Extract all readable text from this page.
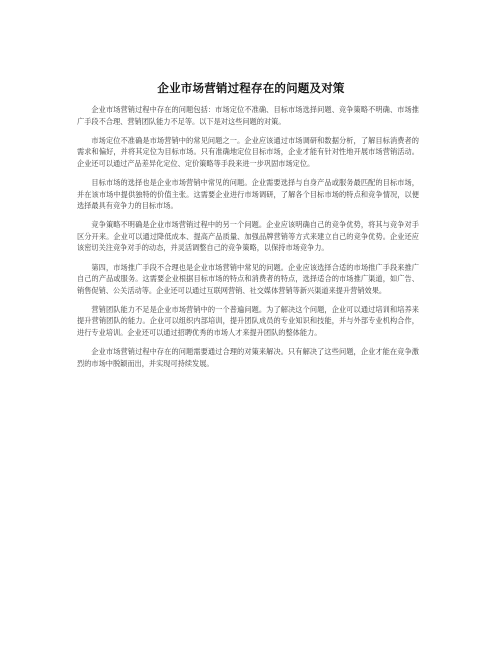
企业市场营销过程存在的问题及对策

企业市场营销过程中存在的问题包括：市场定位不准确、目标市场选择问题、竞争策略不明确、市场推广手段不合理、营销团队能力不足等。以下是对这些问题的对策。

市场定位不准确是市场营销中的常见问题之一。企业应该通过市场调研和数据分析，了解目标消费者的需求和偏好，并将其定位为目标市场。只有准确地定位目标市场，企业才能有针对性地开展市场营销活动。企业还可以通过产品差异化定位、定价策略等手段来进一步巩固市场定位。

目标市场的选择也是企业市场营销中常见的问题。企业需要选择与自身产品或服务最匹配的目标市场，并在该市场中提供独特的价值主张。这需要企业进行市场调研，了解各个目标市场的特点和竞争情况，以便选择最具有竞争力的目标市场。

竞争策略不明确是企业市场营销过程中的另一个问题。企业应该明确自己的竞争优势，将其与竞争对手区分开来。企业可以通过降低成本、提高产品质量、加强品牌营销等方式来建立自己的竞争优势。企业还应该密切关注竞争对手的动态，并灵活调整自己的竞争策略，以保持市场竞争力。

第四，市场推广手段不合理也是企业市场营销中常见的问题。企业应该选择合适的市场推广手段来推广自己的产品或服务。这需要企业根据目标市场的特点和消费者的特点，选择适合的市场推广渠道，如广告、销售促销、公关活动等。企业还可以通过互联网营销、社交媒体营销等新兴渠道来提升营销效果。

营销团队能力不足是企业市场营销中的一个普遍问题。为了解决这个问题，企业可以通过培训和培养来提升营销团队的能力。企业可以组织内部培训，提升团队成员的专业知识和技能，并与外部专业机构合作，进行专业培训。企业还可以通过招聘优秀的市场人才来提升团队的整体能力。

企业市场营销过程中存在的问题需要通过合理的对策来解决。只有解决了这些问题，企业才能在竞争激烈的市场中脱颖而出，并实现可持续发展。
